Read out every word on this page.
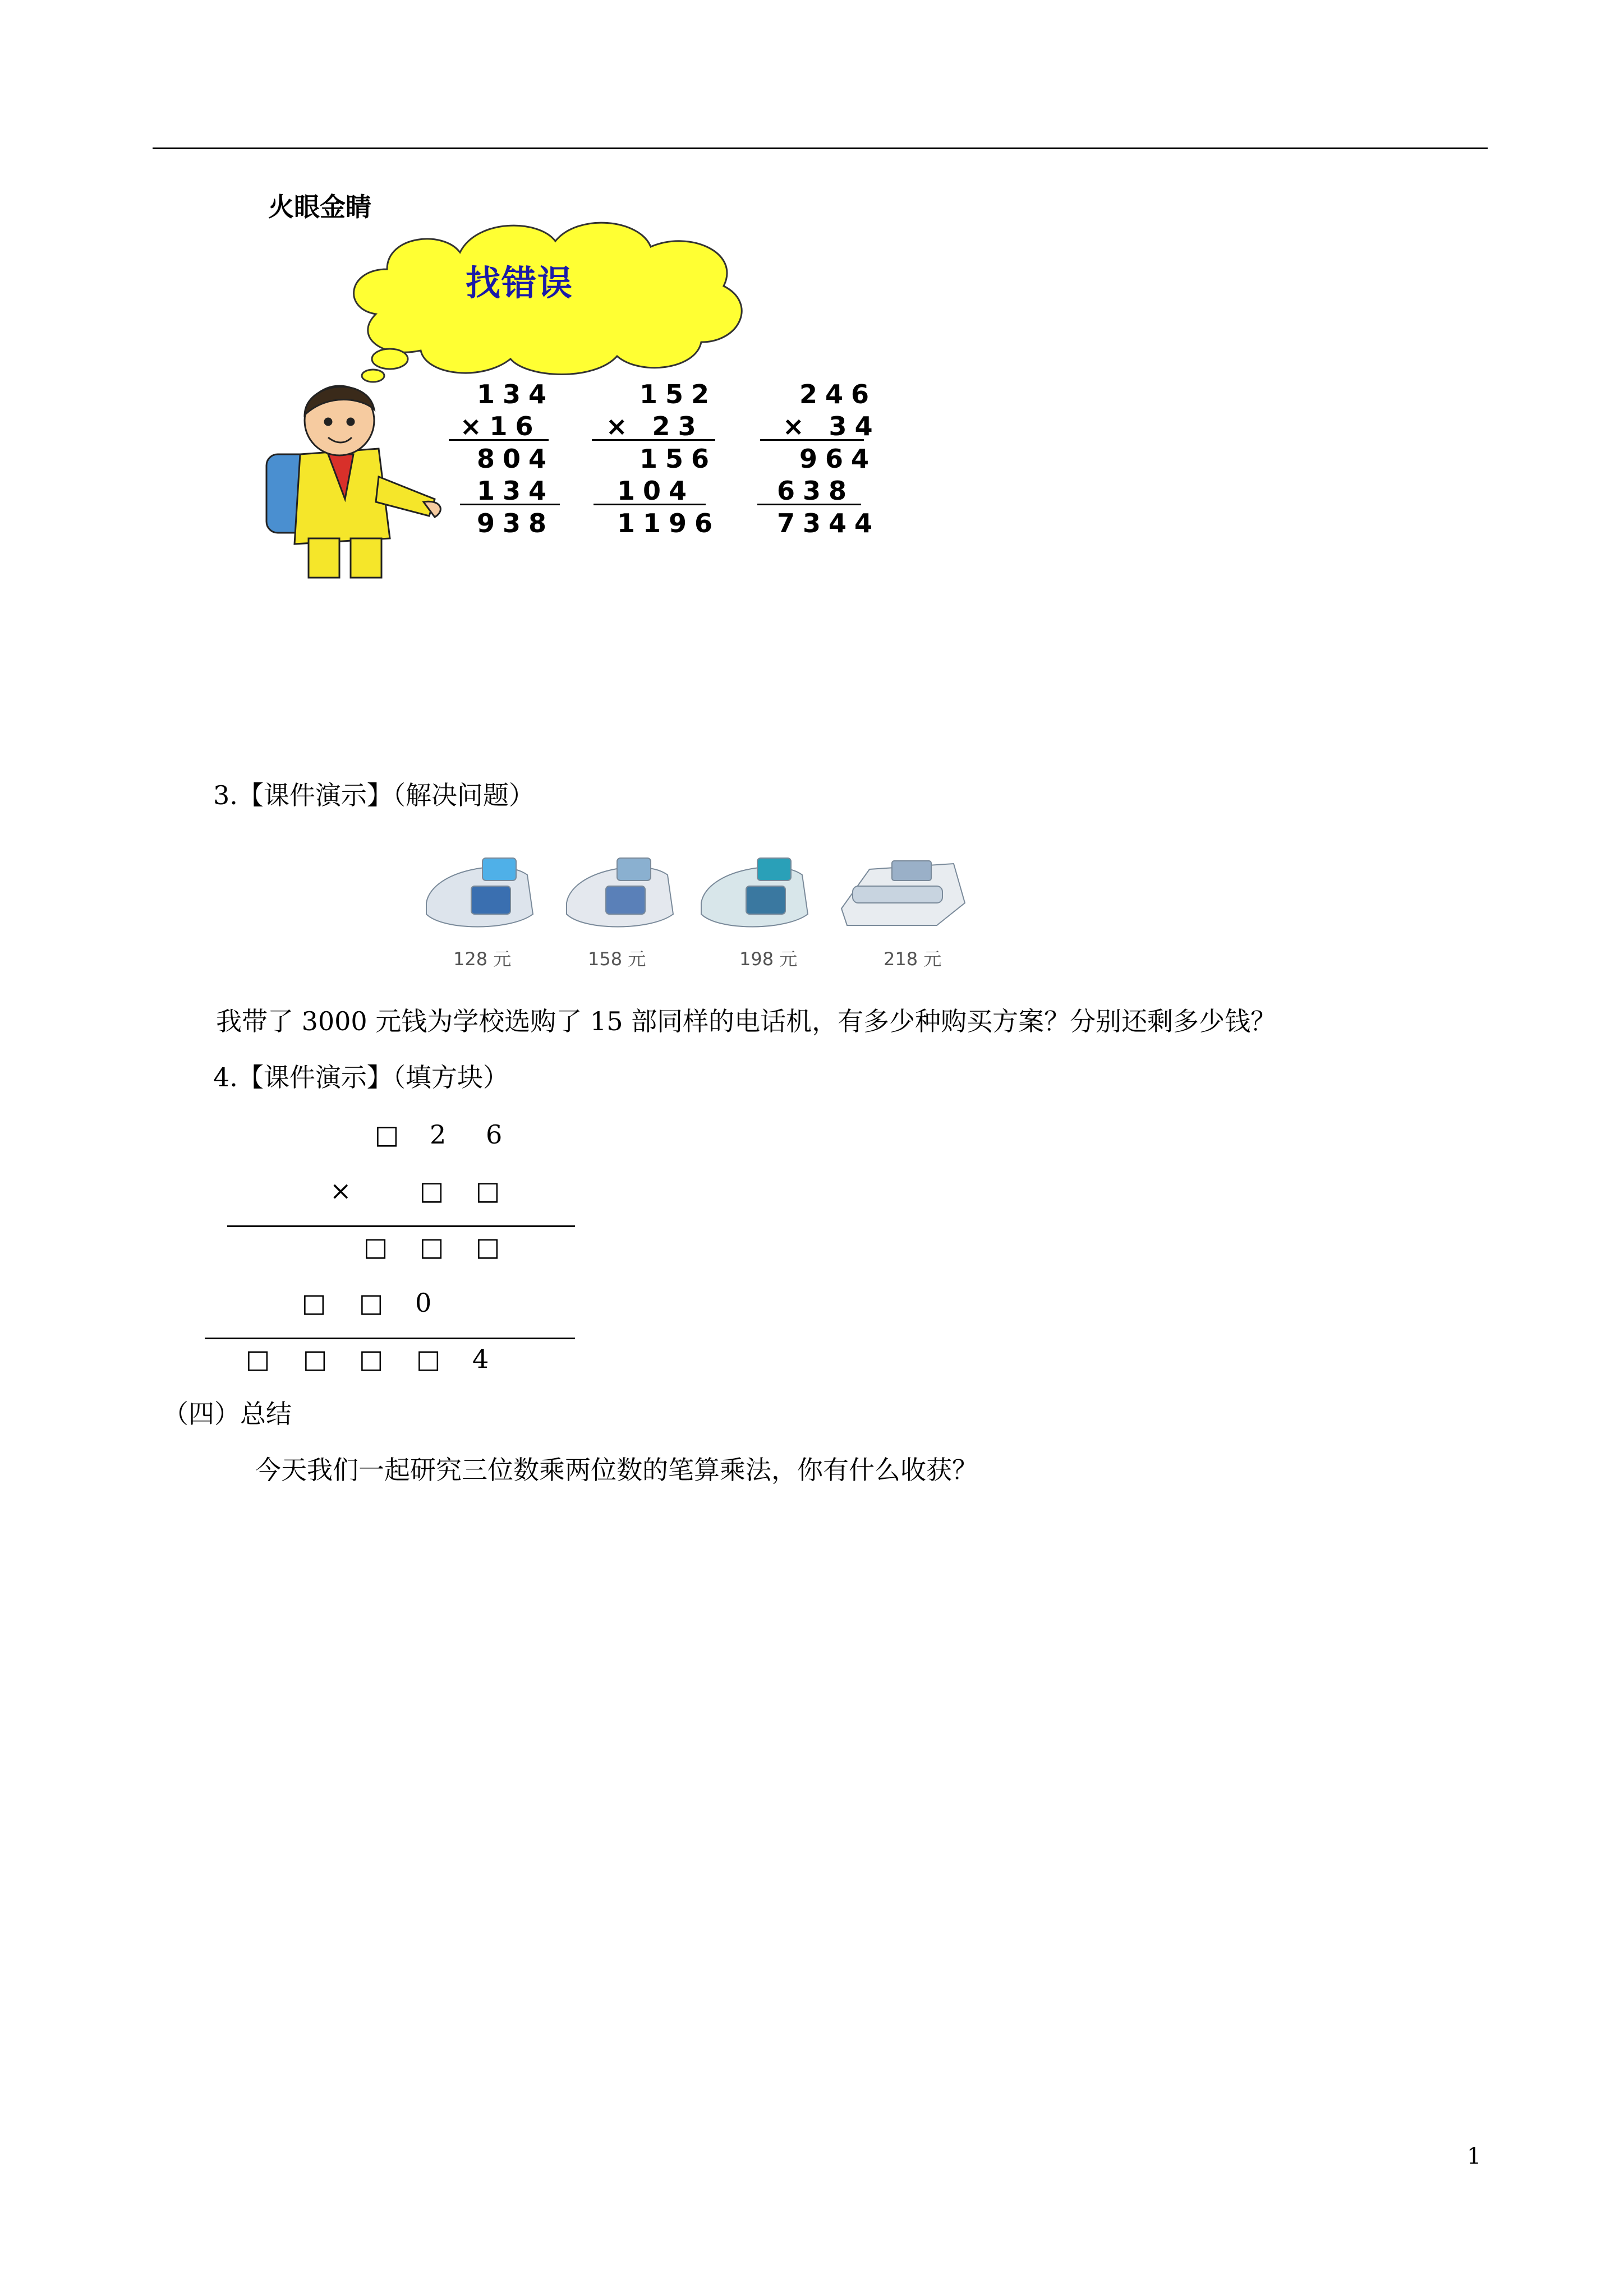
火眼金睛
找错误
134
×16
804
134
938
152
× 23
156
104
1196
246
× 34
964
638
7344
3.【课件演示】（解决问题）
128 元	158 元	198 元	218 元
我带了 3000 元钱为学校选购了 15 部同样的电话机，有多少种购买方案？分别还剩多少钱？
4.【课件演示】（填方块）
□ 2 6
×	□ □
□ □ □
□ □ 0
□ □ □ □ 4
（四）总结
今天我们一起研究三位数乘两位数的笔算乘法，你有什么收获？
1
